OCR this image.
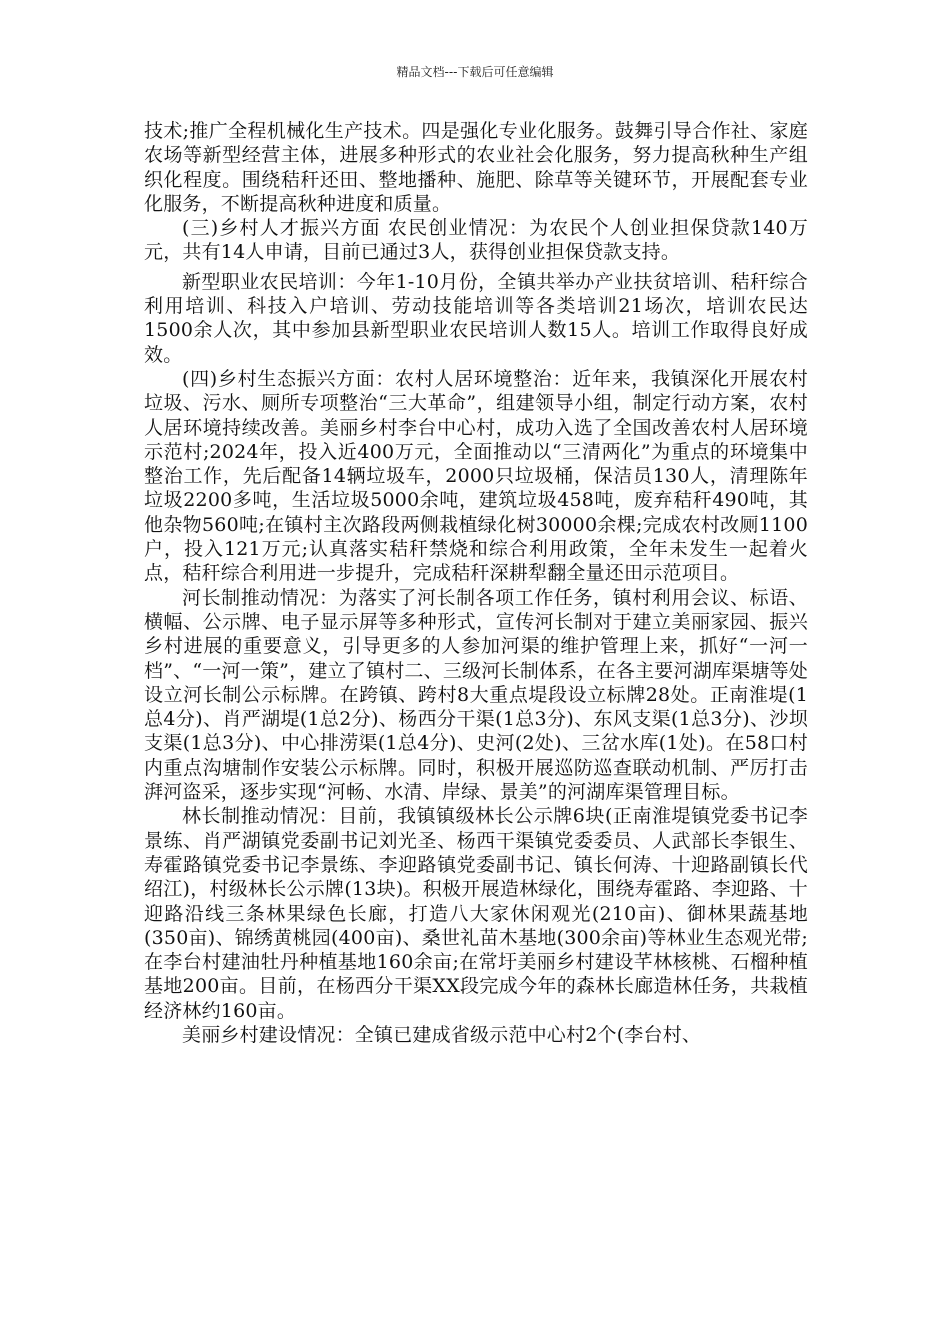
精品文档---下载后可任意编辑

技术;推广全程机械化生产技术。四是强化专业化服务。鼓舞引导合作社、家庭农场等新型经营主体，进展多种形式的农业社会化服务，努力提高秋种生产组织化程度。围绕秸秆还田、整地播种、施肥、除草等关键环节，开展配套专业化服务，不断提高秋种进度和质量。

(三)乡村人才振兴方面 农民创业情况：为农民个人创业担保贷款140万元，共有14人申请，目前已通过3人，获得创业担保贷款支持。

新型职业农民培训：今年1-10月份，全镇共举办产业扶贫培训、秸秆综合利用培训、科技入户培训、劳动技能培训等各类培训21场次，培训农民达1500余人次，其中参加县新型职业农民培训人数15人。培训工作取得良好成效。

(四)乡村生态振兴方面：农村人居环境整治：近年来，我镇深化开展农村垃圾、污水、厕所专项整治“三大革命”，组建领导小组，制定行动方案，农村人居环境持续改善。美丽乡村李台中心村，成功入选了全国改善农村人居环境示范村;2024年，投入近400万元，全面推动以“三清两化”为重点的环境集中整治工作，先后配备14辆垃圾车，2000只垃圾桶，保洁员130人，清理陈年垃圾2200多吨，生活垃圾5000余吨，建筑垃圾458吨，废弃秸秆490吨，其他杂物560吨;在镇村主次路段两侧栽植绿化树30000余棵;完成农村改厕1100户，投入121万元;认真落实秸秆禁烧和综合利用政策，全年未发生一起着火点，秸秆综合利用进一步提升，完成秸秆深耕犁翻全量还田示范项目。

河长制推动情况：为落实了河长制各项工作任务，镇村利用会议、标语、横幅、公示牌、电子显示屏等多种形式，宣传河长制对于建立美丽家园、振兴乡村进展的重要意义，引导更多的人参加河渠的维护管理上来，抓好“一河一档”、“一河一策”，建立了镇村二、三级河长制体系，在各主要河湖库渠塘等处设立河长制公示标牌。在跨镇、跨村8大重点堤段设立标牌28处。正南淮堤(1总4分)、肖严湖堤(1总2分)、杨西分干渠(1总3分)、东风支渠(1总3分)、沙坝支渠(1总3分)、中心排涝渠(1总4分)、史河(2处)、三岔水库(1处)。在58口村内重点沟塘制作安装公示标牌。同时，积极开展巡防巡查联动机制、严厉打击湃河盗采，逐步实现“河畅、水清、岸绿、景美”的河湖库渠管理目标。

林长制推动情况：目前，我镇镇级林长公示牌6块(正南淮堤镇党委书记李景练、肖严湖镇党委副书记刘光圣、杨西干渠镇党委委员、人武部长李银生、寿霍路镇党委书记李景练、李迎路镇党委副书记、镇长何涛、十迎路副镇长代绍江)，村级林长公示牌(13块)。积极开展造林绿化，围绕寿霍路、李迎路、十迎路沿线三条林果绿色长廊，打造八大家休闲观光(210亩)、御林果蔬基地(350亩)、锦绣黄桃园(400亩)、桑世礼苗木基地(300余亩)等林业生态观光带;在李台村建油牡丹种植基地160余亩;在常圩美丽乡村建设芊林核桃、石榴种植基地200亩。目前，在杨西分干渠XX段完成今年的森林长廊造林任务，共栽植经济林约160亩。

美丽乡村建设情况：全镇已建成省级示范中心村2个(李台村、
